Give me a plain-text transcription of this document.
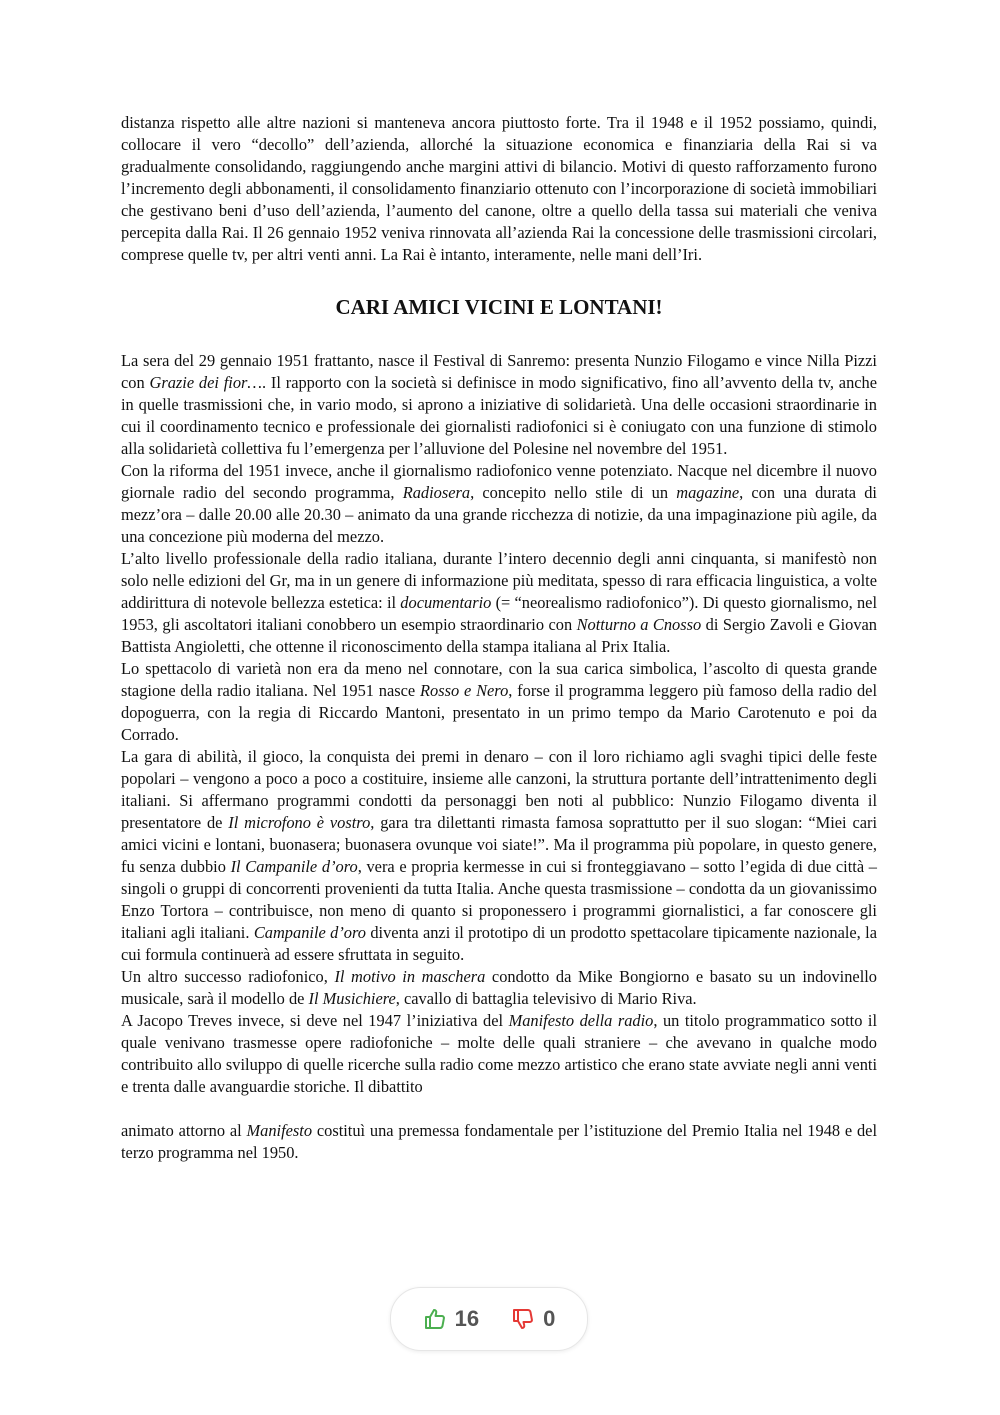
distanza rispetto alle altre nazioni si manteneva ancora piuttosto forte. Tra il 1948 e il 1952 possiamo, quindi, collocare il vero “decollo” dell’azienda, allorché la situazione economica e finanziaria della Rai si va gradualmente consolidando, raggiungendo anche margini attivi di bilancio. Motivi di questo rafforzamento furono l’incremento degli abbonamenti, il consolidamento finanziario ottenuto con l’incorporazione di società immobiliari che gestivano beni d’uso dell’azienda, l’aumento del canone, oltre a quello della tassa sui materiali che veniva percepita dalla Rai. Il 26 gennaio 1952 veniva rinnovata all’azienda Rai la concessione delle trasmissioni circolari, comprese quelle tv, per altri venti anni. La Rai è intanto, interamente, nelle mani dell’Iri.

CARI AMICI VICINI E LONTANI!

La sera del 29 gennaio 1951 frattanto, nasce il Festival di Sanremo: presenta Nunzio Filogamo e vince Nilla Pizzi con Grazie dei fior…. Il rapporto con la società si definisce in modo significativo, fino all’avvento della tv, anche in quelle trasmissioni che, in vario modo, si aprono a iniziative di solidarietà. Una delle occasioni straordinarie in cui il coordinamento tecnico e professionale dei giornalisti radiofonici si è coniugato con una funzione di stimolo alla solidarietà collettiva fu l’emergenza per l’alluvione del Polesine nel novembre del 1951.

Con la riforma del 1951 invece, anche il giornalismo radiofonico venne potenziato. Nacque nel dicembre il nuovo giornale radio del secondo programma, Radiosera, concepito nello stile di un magazine, con una durata di mezz’ora – dalle 20.00 alle 20.30 – animato da una grande ricchezza di notizie, da una impaginazione più agile, da una concezione più moderna del mezzo.

L’alto livello professionale della radio italiana, durante l’intero decennio degli anni cinquanta, si manifestò non solo nelle edizioni del Gr, ma in un genere di informazione più meditata, spesso di rara efficacia linguistica, a volte addirittura di notevole bellezza estetica: il documentario (= “neorealismo radiofonico”). Di questo giornalismo, nel 1953, gli ascoltatori italiani conobbero un esempio straordinario con Notturno a Cnosso di Sergio Zavoli e Giovan Battista Angioletti, che ottenne il riconoscimento della stampa italiana al Prix Italia.

Lo spettacolo di varietà non era da meno nel connotare, con la sua carica simbolica, l’ascolto di questa grande stagione della radio italiana. Nel 1951 nasce Rosso e Nero, forse il programma leggero più famoso della radio del dopoguerra, con la regia di Riccardo Mantoni, presentato in un primo tempo da Mario Carotenuto e poi da Corrado.

La gara di abilità, il gioco, la conquista dei premi in denaro – con il loro richiamo agli svaghi tipici delle feste popolari – vengono a poco a poco a costituire, insieme alle canzoni, la struttura portante dell’intrattenimento degli italiani. Si affermano programmi condotti da personaggi ben noti al pubblico: Nunzio Filogamo diventa il presentatore de Il microfono è vostro, gara tra dilettanti rimasta famosa soprattutto per il suo slogan: “Miei cari amici vicini e lontani, buonasera; buonasera ovunque voi siate!”. Ma il programma più popolare, in questo genere, fu senza dubbio Il Campanile d’oro, vera e propria kermesse in cui si fronteggiavano – sotto l’egida di due città – singoli o gruppi di concorrenti provenienti da tutta Italia. Anche questa trasmissione – condotta da un giovanissimo Enzo Tortora – contribuisce, non meno di quanto si proponessero i programmi giornalistici, a far conoscere gli italiani agli italiani. Campanile d’oro diventa anzi il prototipo di un prodotto spettacolare tipicamente nazionale, la cui formula continuerà ad essere sfruttata in seguito.

Un altro successo radiofonico, Il motivo in maschera condotto da Mike Bongiorno e basato su un indovinello musicale, sarà il modello de Il Musichiere, cavallo di battaglia televisivo di Mario Riva.

A Jacopo Treves invece, si deve nel 1947 l’iniziativa del Manifesto della radio, un titolo programmatico sotto il quale venivano trasmesse opere radiofoniche – molte delle quali straniere – che avevano in qualche modo contribuito allo sviluppo di quelle ricerche sulla radio come mezzo artistico che erano state avviate negli anni venti e trenta dalle avanguardie storiche. Il dibattito

animato attorno al Manifesto costituì una premessa fondamentale per l’istituzione del Premio Italia nel 1948 e del terzo programma nel 1950.

16	0
